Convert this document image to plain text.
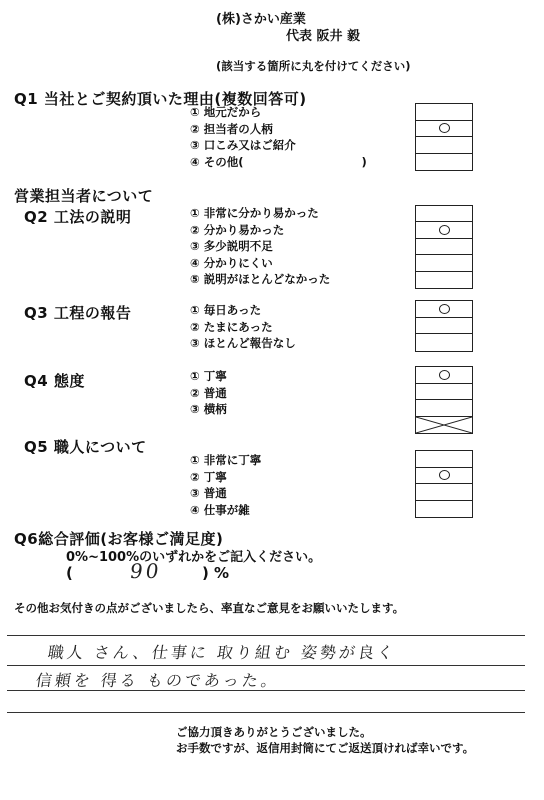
(株)さかい産業
代表 阪井 毅
(該当する箇所に丸を付けてください)
Q1 当社とご契約頂いた理由(複数回答可)
① 地元だから
② 担当者の人柄
③ 口こみ又はご紹介
④ その他(	)
営業担当者について
Q2 工法の説明	① 非常に分かり易かった
② 分かり易かった
③ 多少説明不足
④ 分かりにくい
⑤ 説明がほとんどなかった
Q3 工程の報告	① 毎日あった
② たまにあった
③ ほとんど報告なし
Q4 態度	① 丁寧
② 普通
③ 横柄
Q5 職人について
① 非常に丁寧
② 丁寧
③ 普通
④ 仕事が雑
Q6総合評価(お客様ご満足度)
0%~100%のいずれかをご記入ください。
(	90	) %
その他お気付きの点がございましたら、率直なご意見をお願いいたします。
職人 さん、仕事に 取り組む 姿勢が良く
信頼を 得る ものであった。
ご協力頂きありがとうございました。
お手数ですが、返信用封筒にてご返送頂ければ幸いです。
